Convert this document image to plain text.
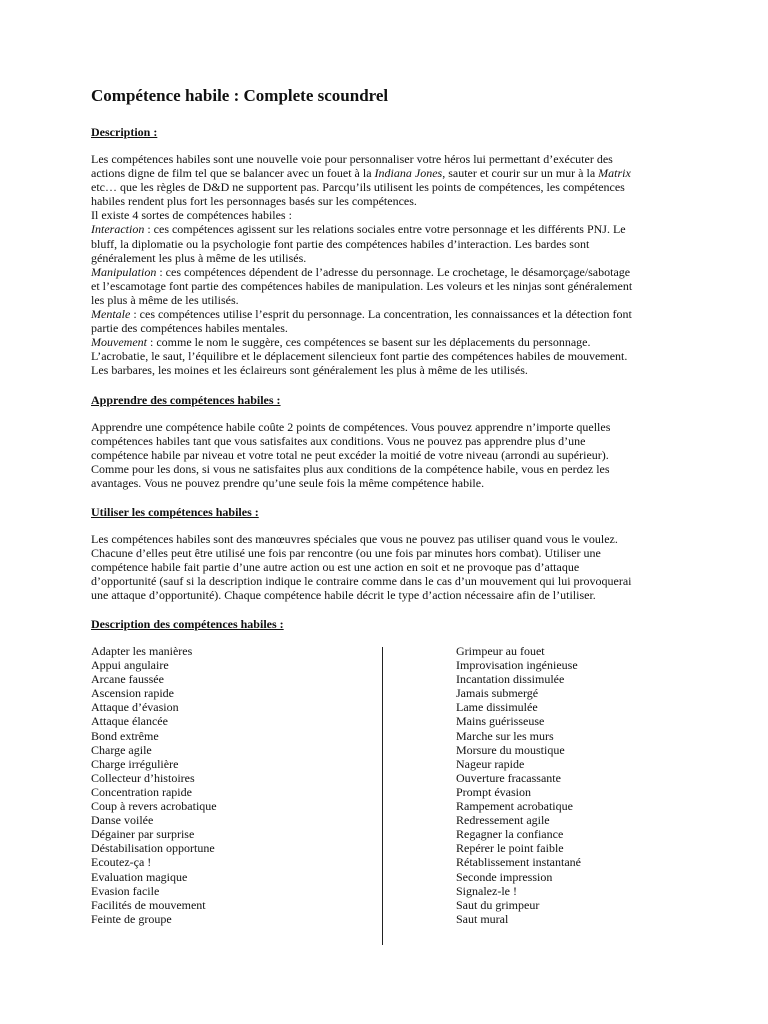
Compétence habile : Complete scoundrel
Description :
Les compétences habiles sont une nouvelle voie pour personnaliser votre héros lui permettant d’exécuter des
actions digne de film tel que se balancer avec un fouet à la Indiana Jones, sauter et courir sur un mur à la Matrix
etc… que les règles de D&D ne supportent pas. Parcqu’ils utilisent les points de compétences, les compétences
habiles rendent plus fort les personnages basés sur les compétences.
Il existe 4 sortes de compétences habiles :
Interaction : ces compétences agissent sur les relations sociales entre votre personnage et les différents PNJ. Le
bluff, la diplomatie ou la psychologie font partie des compétences habiles d’interaction. Les bardes sont
généralement les plus à même de les utilisés.
Manipulation : ces compétences dépendent de l’adresse du personnage. Le crochetage, le désamorçage/sabotage
et l’escamotage font partie des compétences habiles de manipulation. Les voleurs et les ninjas sont généralement
les plus à même de les utilisés.
Mentale : ces compétences utilise l’esprit du personnage. La concentration, les connaissances et la détection font
partie des compétences habiles mentales.
Mouvement : comme le nom le suggère, ces compétences se basent sur les déplacements du personnage.
L’acrobatie, le saut, l’équilibre et le déplacement silencieux font partie des compétences habiles de mouvement.
Les barbares, les moines et les éclaireurs sont généralement les plus à même de les utilisés.
Apprendre des compétences habiles :
Apprendre une compétence habile coûte 2 points de compétences. Vous pouvez apprendre n’importe quelles
compétences habiles tant que vous satisfaites aux conditions. Vous ne pouvez pas apprendre plus d’une
compétence habile par niveau et votre total ne peut excéder la moitié de votre niveau (arrondi au supérieur).
Comme pour les dons, si vous ne satisfaites plus aux conditions de la compétence habile, vous en perdez les
avantages. Vous ne pouvez prendre qu’une seule fois la même compétence habile.
Utiliser les compétences habiles :
Les compétences habiles sont des manœuvres spéciales que vous ne pouvez pas utiliser quand vous le voulez.
Chacune d’elles peut être utilisé une fois par rencontre (ou une fois par minutes hors combat). Utiliser une
compétence habile fait partie d’une autre action ou est une action en soit et ne provoque pas d’attaque
d’opportunité (sauf si la description indique le contraire comme dans le cas d’un mouvement qui lui provoquerai
une attaque d’opportunité). Chaque compétence habile décrit le type d’action nécessaire afin de l’utiliser.
Description des compétences habiles :
Adapter les manières
Appui angulaire
Arcane faussée
Ascension rapide
Attaque d’évasion
Attaque élancée
Bond extrême
Charge agile
Charge irrégulière
Collecteur d’histoires
Concentration rapide
Coup à revers acrobatique
Danse voilée
Dégainer par surprise
Déstabilisation opportune
Ecoutez-ça !
Evaluation magique
Evasion facile
Facilités de mouvement
Feinte de groupe
Grimpeur au fouet
Improvisation ingénieuse
Incantation dissimulée
Jamais submergé
Lame dissimulée
Mains guérisseuse
Marche sur les murs
Morsure du moustique
Nageur rapide
Ouverture fracassante
Prompt évasion
Rampement acrobatique
Redressement agile
Regagner la confiance
Repérer le point faible
Rétablissement instantané
Seconde impression
Signalez-le !
Saut du grimpeur
Saut mural
